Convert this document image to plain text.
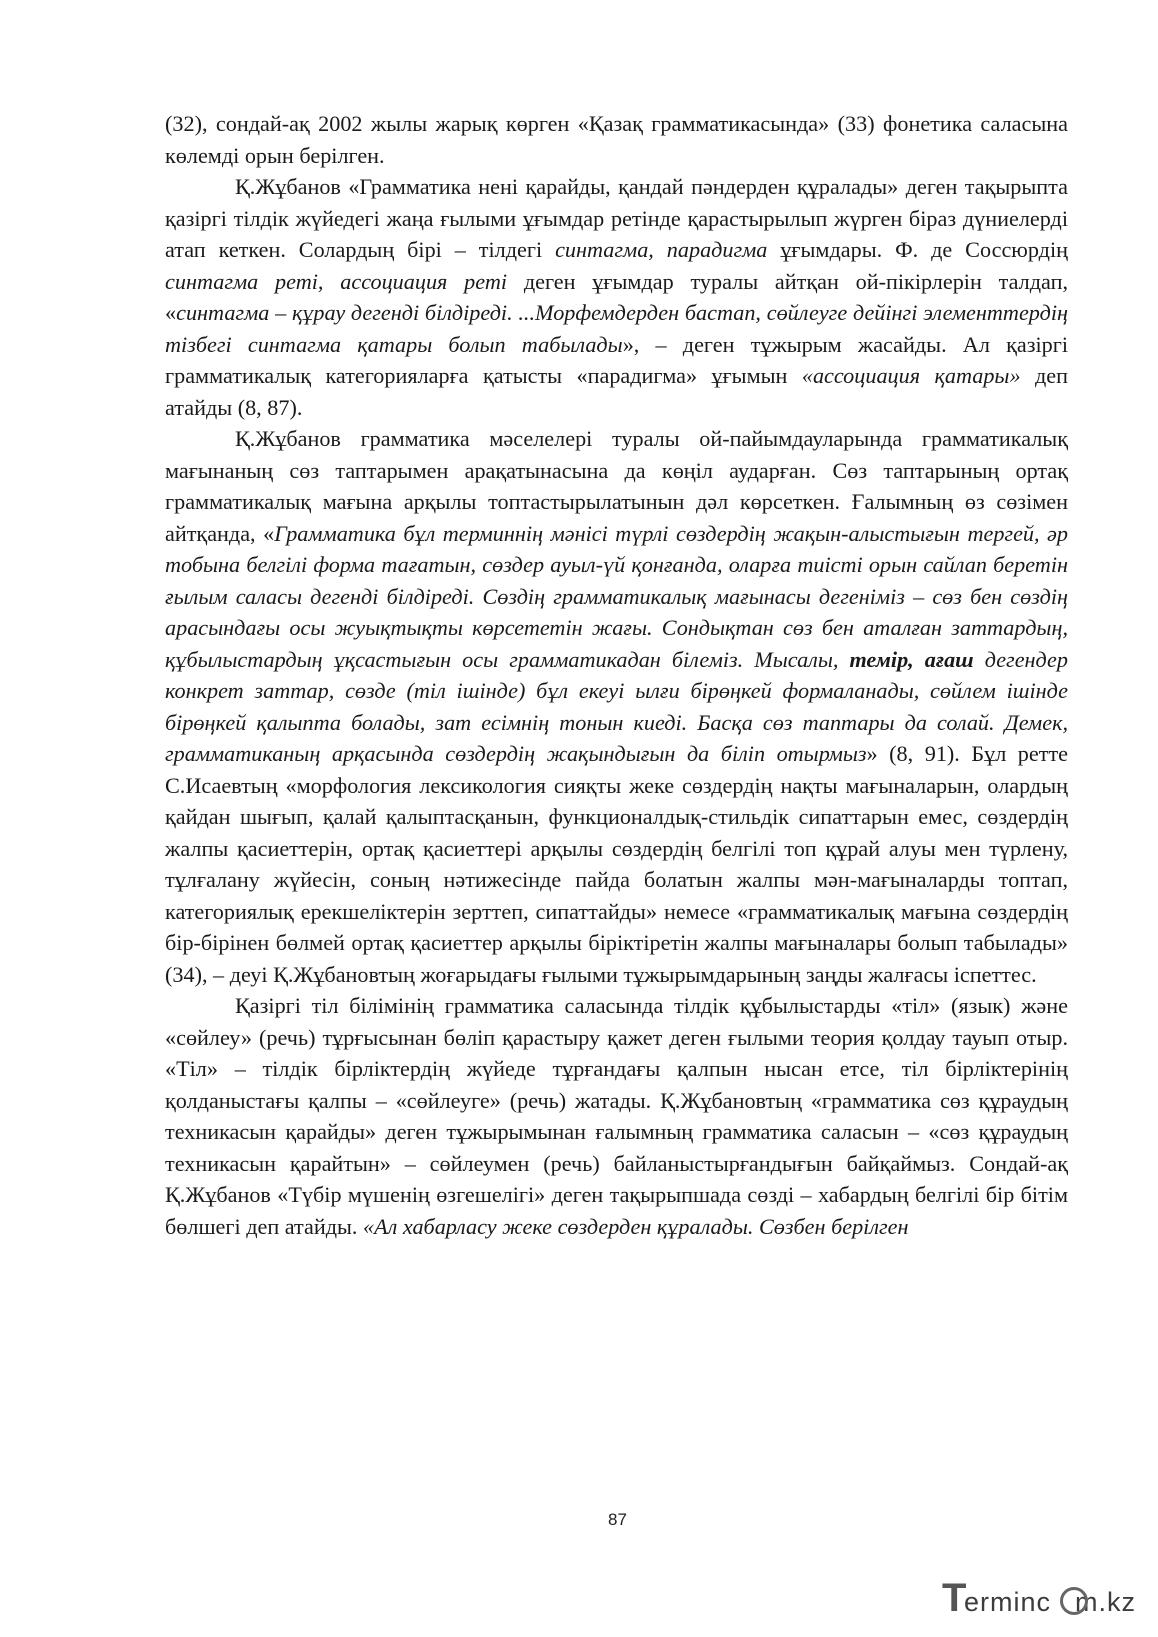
(32), сондай-ақ 2002 жылы жарық көрген «Қазақ грамматикасында» (33) фонетика саласына көлемді орын берілген.

Қ.Жұбанов «Грамматика нені қарайды, қандай пәндерден құралады» деген тақырыпта қазіргі тілдік жүйедегі жаңа ғылыми ұғымдар ретінде қарастырылып жүрген біраз дүниелерді атап кеткен. Солардың бірі – тілдегі синтагма, парадигма ұғымдары. Ф. де Соссюрдің синтагма реті, ассоциация реті деген ұғымдар туралы айтқан ой-пікірлерін талдап, «синтагма – құрау дегенді білдіреді. ...Морфемдерден бастап, сөйлеуге дейінгі элементтердің тізбегі синтагма қатары болып табылады», – деген тұжырым жасайды. Ал қазіргі грамматикалық категорияларға қатысты «парадигма» ұғымын «ассоциация қатары» деп атайды (8, 87).

Қ.Жұбанов грамматика мәселелері туралы ой-пайымдауларында грамматикалық мағынаның сөз таптарымен арақатынасына да көңіл аударған. Сөз таптарының ортақ грамматикалық мағына арқылы топтастырылатынын дәл көрсеткен. Ғалымның өз сөзімен айтқанда, «Грамматика бұл терминнің мәнісі түрлі сөздердің жақын-алыстығын тергей, әр тобына белгілі форма тағатын, сөздер ауыл-үй қонғанда, оларға тиісті орын сайлап беретін ғылым саласы дегенді білдіреді. Сөздің грамматикалық мағынасы дегеніміз – сөз бен сөздің арасындағы осы жуықтықты көрсететін жағы. Сондықтан сөз бен аталған заттардың, құбылыстардың ұқсастығын осы грамматикадан білеміз. Мысалы, темір, ағаш дегендер конкрет заттар, сөзде (тіл ішінде) бұл екеуі ылғи бірөңкей формаланады, сөйлем ішінде бірөңкей қалыпта болады, зат есімнің тонын киеді. Басқа сөз таптары да солай. Демек, грамматиканың арқасында сөздердің жақындығын да біліп отырмыз» (8, 91). Бұл ретте С.Исаевтың «морфология лексикология сияқты жеке сөздердің нақты мағыналарын, олардың қайдан шығып, қалай қалыптасқанын, функционалдық-стильдік сипаттарын емес, сөздердің жалпы қасиеттерін, ортақ қасиеттері арқылы сөздердің белгілі топ құрай алуы мен түрлену, тұлғалану жүйесін, соның нәтижесінде пайда болатын жалпы мән-мағыналарды топтап, категориялық ерекшеліктерін зерттеп, сипаттайды» немесе «грамматикалық мағына сөздердің бір-бірінен бөлмей ортақ қасиеттер арқылы біріктіретін жалпы мағыналары болып табылады» (34), – деуі Қ.Жұбановтың жоғарыдағы ғылыми тұжырымдарының заңды жалғасы іспеттес.

Қазіргі тіл білімінің грамматика саласында тілдік құбылыстарды «тіл» (язык) және «сөйлеу» (речь) тұрғысынан бөліп қарастыру қажет деген ғылыми теория қолдау тауып отыр. «Тіл» – тілдік бірліктердің жүйеде тұрғандағы қалпын нысан етсе, тіл бірліктерінің қолданыстағы қалпы – «сөйлеуге» (речь) жатады. Қ.Жұбановтың «грамматика сөз құраудың техникасын қарайды» деген тұжырымынан ғалымның грамматика саласын – «сөз құраудың техникасын қарайтын» – сөйлеумен (речь) байланыстырғандығын байқаймыз. Сондай-ақ Қ.Жұбанов «Түбір мүшенің өзгешелігі» деген тақырыпшада сөзді – хабардың белгілі бір бітім бөлшегі деп атайды. «Ал хабарласу жеке сөздерден құралады. Сөзбен берілген

87
T
erminc m.kz
